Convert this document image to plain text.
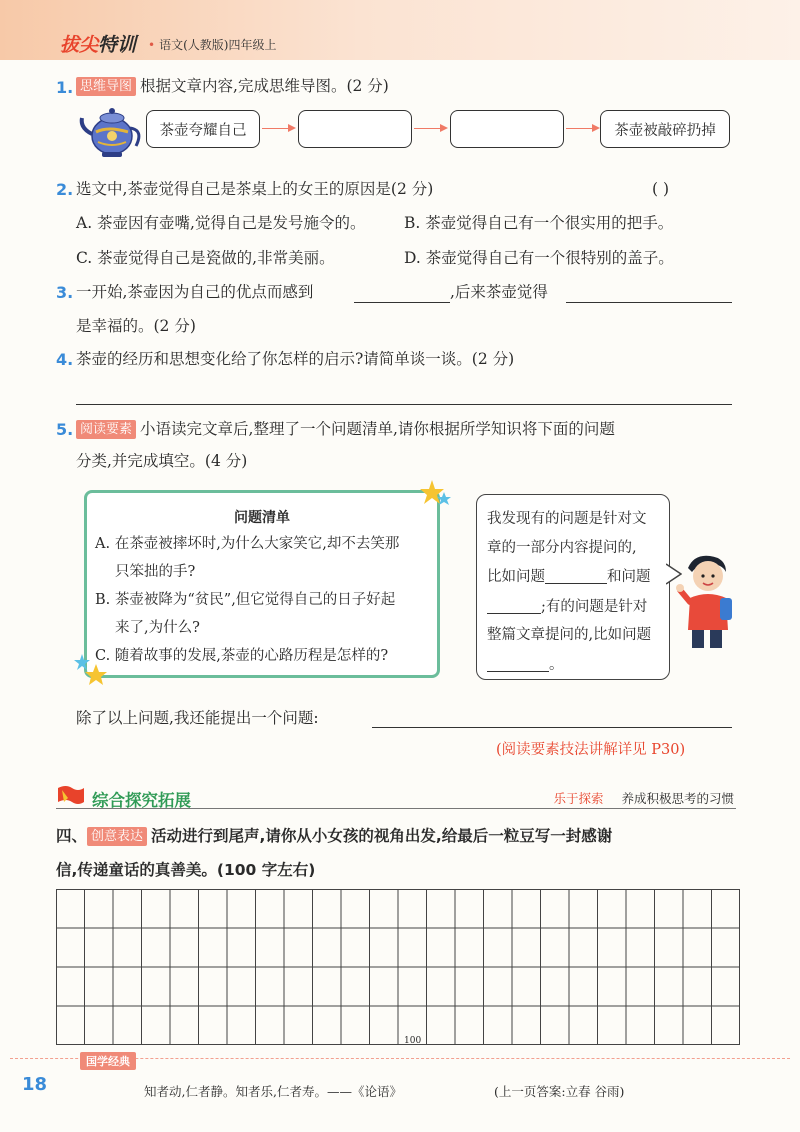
拔尖特训 • 语文(人教版)四年级上
1. 思维导图 根据文章内容,完成思维导图。(2 分)
茶壶夸耀自己	茶壶被敲碎扔掉
2. 选文中,茶壶觉得自己是茶桌上的女王的原因是(2 分)	( )
A. 茶壶因有壶嘴,觉得自己是发号施令的。 B. 茶壶觉得自己有一个很实用的把手。
C. 茶壶觉得自己是瓷做的,非常美丽。	D. 茶壶觉得自己有一个很特别的盖子。
3. 一开始,茶壶因为自己的优点而感到	,后来茶壶觉得
是幸福的。(2 分)
4. 茶壶的经历和思想变化给了你怎样的启示?请简单谈一谈。(2 分)
5. 阅读要素 小语读完文章后,整理了一个问题清单,请你根据所学知识将下面的问题
分类,并完成填空。(4 分)
问题清单
A. 在茶壶被摔坏时,为什么大家笑它,却不去笑那
只笨拙的手?
B. 茶壶被降为“贫民”,但它觉得自己的日子好起
来了,为什么?
C. 随着故事的发展,茶壶的心路历程是怎样的?
我发现有的问题是针对文
章的一部分内容提问的,
比如问题	和问题
;有的问题是针对
整篇文章提问的,比如问题
。
除了以上问题,我还能提出一个问题:
(阅读要素技法讲解详见 P30)
综合探究拓展	乐于探索 养成积极思考的习惯
四、 创意表达 活动进行到尾声,请你从小女孩的视角出发,给最后一粒豆写一封感谢
信,传递童话的真善美。(100 字左右)
100
国学经典
18	知者动,仁者静。知者乐,仁者寿。——《论语》	(上一页答案:立春 谷雨)
